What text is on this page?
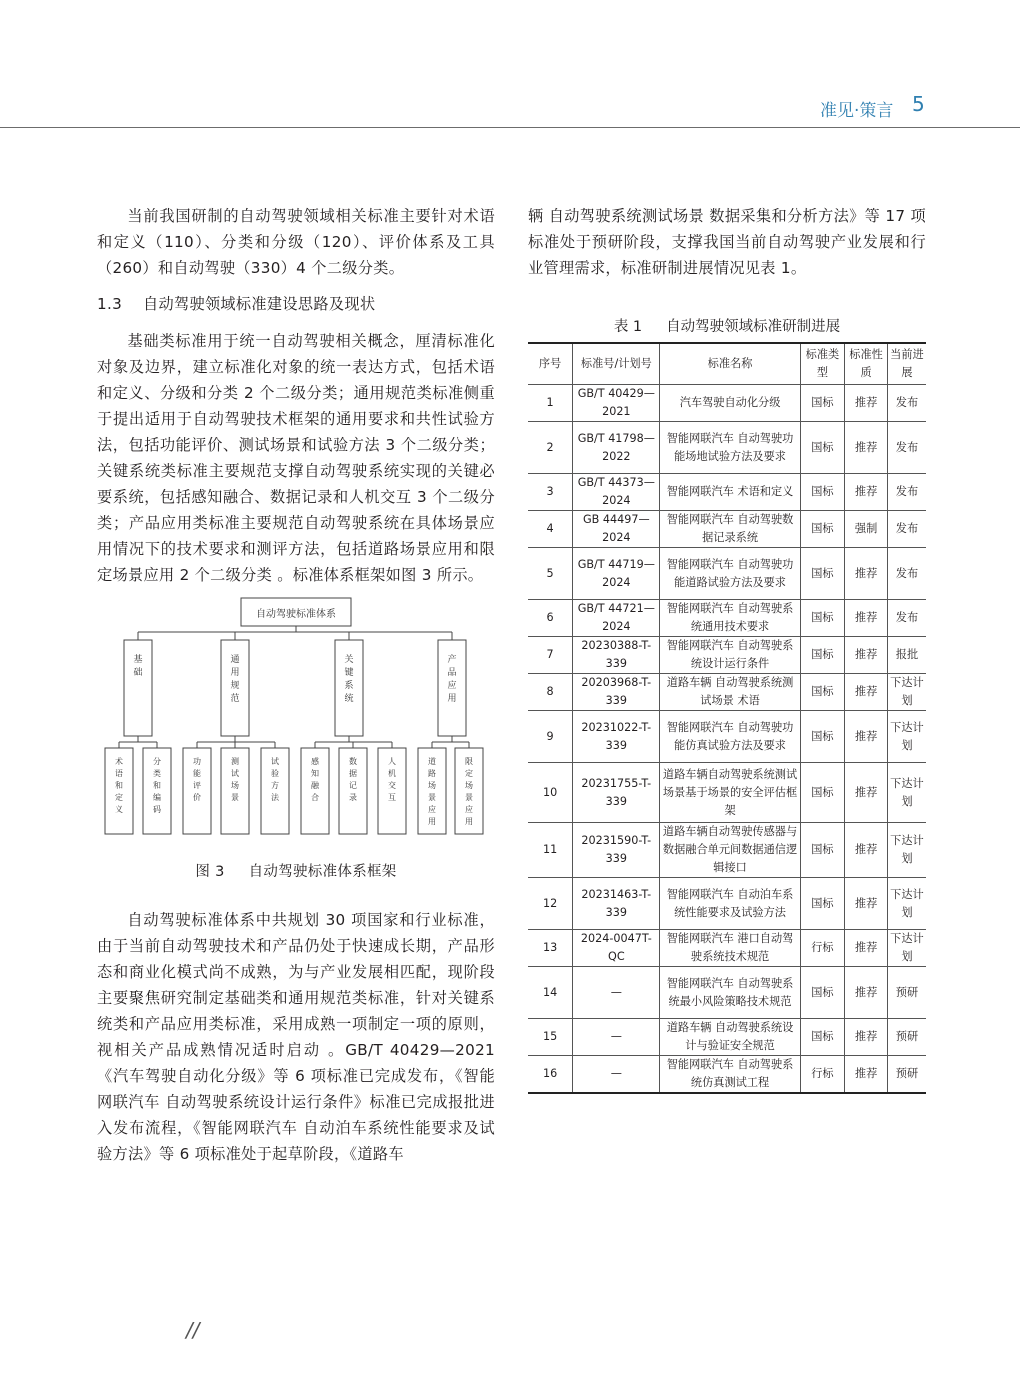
准见·策言 5

当前我国研制的自动驾驶领域相关标准主要针对术语和定义（110）、分类和分级（120）、评价体系及工具（260）和自动驾驶（330）4 个二级分类。

1.3 自动驾驶领域标准建设思路及现状

基础类标准用于统一自动驾驶相关概念，厘清标准化对象及边界，建立标准化对象的统一表达方式，包括术语和定义、分级和分类 2 个二级分类；通用规范类标准侧重于提出适用于自动驾驶技术框架的通用要求和共性试验方法，包括功能评价、测试场景和试验方法 3 个二级分类；关键系统类标准主要规范支撑自动驾驶系统实现的关键必要系统，包括感知融合、数据记录和人机交互 3 个二级分类；产品应用类标准主要规范自动驾驶系统在具体场景应用情况下的技术要求和测评方法，包括道路场景应用和限定场景应用 2 个二级分类 。标准体系框架如图 3 所示。

自动驾驶标准体系
基础
术语和定义
分类和编码
通用规范
功能评价
测试场景
试验方法
关键系统
感知融合
数据记录
人机交互
产品应用
道路场景应用
限定场景应用
图 3 自动驾驶标准体系框架

自动驾驶标准体系中共规划 30 项国家和行业标准，由于当前自动驾驶技术和产品仍处于快速成长期，产品形态和商业化模式尚不成熟，为与产业发展相匹配，现阶段主要聚焦研究制定基础类和通用规范类标准，针对关键系统类和产品应用类标准，采用成熟一项制定一项的原则，视相关产品成熟情况适时启动 。GB/T 40429—2021《汽车驾驶自动化分级》等 6 项标准已完成发布，《智能网联汽车 自动驾驶系统设计运行条件》标准已完成报批进入发布流程，《智能网联汽车 自动泊车系统性能要求及试验方法》等 6 项标准处于起草阶段，《道路车

辆 自动驾驶系统测试场景 数据采集和分析方法》等 17 项标准处于预研阶段，支撑我国当前自动驾驶产业发展和行业管理需求，标准研制进展情况见表 1。

表 1 自动驾驶领域标准研制进展
序号	标准号/计划号	标准名称	标准类型	标准性质	当前进展
1	GB/T 40429—2021	汽车驾驶自动化分级	国标	推荐	发布
2	GB/T 41798—2022	智能网联汽车 自动驾驶功能场地试验方法及要求	国标	推荐	发布
3	GB/T 44373—2024	智能网联汽车 术语和定义	国标	推荐	发布
4	GB 44497—2024	智能网联汽车 自动驾驶数据记录系统	国标	强制	发布
5	GB/T 44719—2024	智能网联汽车 自动驾驶功能道路试验方法及要求	国标	推荐	发布
6	GB/T 44721—2024	智能网联汽车 自动驾驶系统通用技术要求	国标	推荐	发布
7	20230388-T-339	智能网联汽车 自动驾驶系统设计运行条件	国标	推荐	报批
8	20203968-T-339	道路车辆 自动驾驶系统测试场景 术语	国标	推荐	下达计划
9	20231022-T-339	智能网联汽车 自动驾驶功能仿真试验方法及要求	国标	推荐	下达计划
10	20231755-T-339	道路车辆自动驾驶系统测试场景基于场景的安全评估框架	国标	推荐	下达计划
11	20231590-T-339	道路车辆自动驾驶传感器与数据融合单元间数据通信逻辑接口	国标	推荐	下达计划
12	20231463-T-339	智能网联汽车 自动泊车系统性能要求及试验方法	国标	推荐	下达计划
13	2024-0047T-QC	智能网联汽车 港口自动驾驶系统技术规范	行标	推荐	下达计划
14	—	智能网联汽车 自动驾驶系统最小风险策略技术规范	国标	推荐	预研
15	—	道路车辆 自动驾驶系统设计与验证安全规范	国标	推荐	预研
16	—	智能网联汽车 自动驾驶系统仿真测试工程	行标	推荐	预研
//
